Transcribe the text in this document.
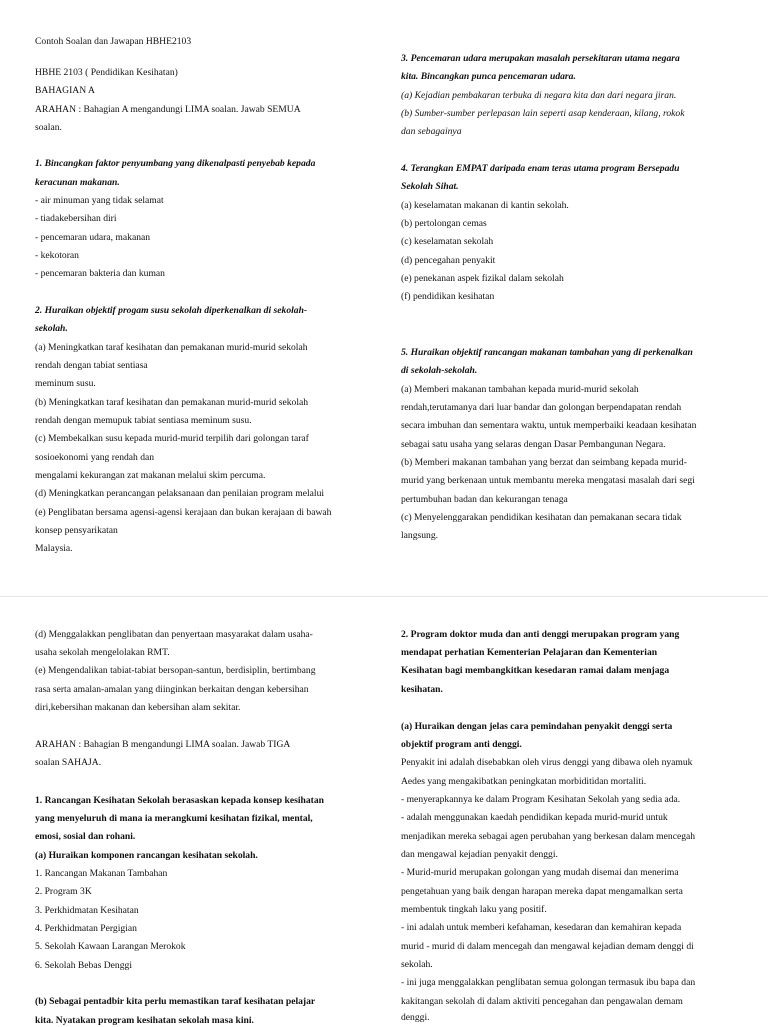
Contoh Soalan dan Jawapan HBHE2103

HBHE 2103 ( Pendidikan Kesihatan)

BAHAGIAN A

ARAHAN : Bahagian A mengandungi LIMA soalan. Jawab SEMUA

soalan.

1. Bincangkan faktor penyumbang yang dikenalpasti penyebab kepada

keracunan makanan.

- air minuman yang tidak selamat

- tiadakebersihan diri

- pencemaran udara, makanan

- kekotoran

- pencemaran bakteria dan kuman

2. Huraikan objektif progam susu sekolah diperkenalkan di sekolah-

sekolah.

(a) Meningkatkan taraf kesihatan dan pemakanan murid-murid sekolah

rendah dengan tabiat sentiasa

meminum susu.

(b) Meningkatkan taraf kesihatan dan pemakanan murid-murid sekolah

rendah dengan memupuk tabiat sentiasa meminum susu.

(c) Membekalkan susu kepada murid-murid terpilih dari golongan taraf

sosioekonomi yang rendah dan

mengalami kekurangan zat makanan melalui skim percuma.

(d) Meningkatkan perancangan pelaksanaan dan penilaian program melalui

(e) Penglibatan bersama agensi-agensi kerajaan dan bukan kerajaan di bawah

konsep pensyarikatan

Malaysia.

3. Pencemaran udara merupakan masalah persekitaran utama negara

kita. Bincangkan punca pencemaran udara.

(a) Kejadian pembakaran terbuka di negara kita dan dari negara jiran.

(b) Sumber-sumber perlepasan lain seperti asap kenderaan, kilang, rokok

dan sebagainya

4. Terangkan EMPAT daripada enam teras utama program Bersepadu

Sekolah Sihat.

(a) keselamatan makanan di kantin sekolah.

(b) pertolongan cemas

(c) keselamatan sekolah

(d) pencegahan penyakit

(e) penekanan aspek fizikal dalam sekolah

(f) pendidikan kesihatan

5. Huraikan objektif rancangan makanan tambahan yang di perkenalkan

di sekolah-sekolah.

(a) Memberi makanan tambahan kepada murid-murid sekolah

rendah,terutamanya dari luar bandar dan golongan berpendapatan rendah

secara imbuhan dan sementara waktu, untuk memperbaiki keadaan kesihatan

sebagai satu usaha yang selaras dengan Dasar Pembangunan Negara.

(b) Memberi makanan tambahan yang berzat dan seimbang kepada murid-

murid yang berkenaan untuk membantu mereka mengatasi masalah dari segi

pertumbuhan badan dan kekurangan tenaga

(c) Menyelenggarakan pendidikan kesihatan dan pemakanan secara tidak

langsung.

(d) Menggalakkan penglibatan dan penyertaan masyarakat dalam usaha-

usaha sekolah mengelolakan RMT.

(e) Mengendalikan tabiat-tabiat bersopan-santun, berdisiplin, bertimbang

rasa serta amalan-amalan yang diinginkan berkaitan dengan kebersihan

diri,kebersihan makanan dan kebersihan alam sekitar.

ARAHAN : Bahagian B mengandungi LIMA soalan. Jawab TIGA

soalan SAHAJA.

1. Rancangan Kesihatan Sekolah berasaskan kepada konsep kesihatan

yang menyeluruh di mana ia merangkumi kesihatan fizikal, mental,

emosi, sosial dan rohani.

(a) Huraikan komponen rancangan kesihatan sekolah.

1. Rancangan Makanan Tambahan

2. Program 3K

3. Perkhidmatan Kesihatan

4. Perkhidmatan Pergigian

5. Sekolah Kawaan Larangan Merokok

6. Sekolah Bebas Denggi

(b) Sebagai pentadbir kita perlu memastikan taraf kesihatan pelajar

kita. Nyatakan program kesihatan sekolah masa kini.

2. Program doktor muda dan anti denggi merupakan program yang

mendapat perhatian Kementerian Pelajaran dan Kementerian

Kesihatan bagi membangkitkan kesedaran ramai dalam menjaga

kesihatan.

(a) Huraikan dengan jelas cara pemindahan penyakit denggi serta

objektif program anti denggi.

Penyakit ini adalah disebabkan oleh virus denggi yang dibawa oleh nyamuk

Aedes yang mengakibatkan peningkatan morbiditidan mortaliti.

- menyerapkannya ke dalam Program Kesihatan Sekolah yang sedia ada.

- adalah menggunakan kaedah pendidikan kepada murid-murid untuk

menjadikan mereka sebagai agen perubahan yang berkesan dalam mencegah

dan mengawal kejadian penyakit denggi.

- Murid-murid merupakan golongan yang mudah disemai dan menerima

pengetahuan yang baik dengan harapan mereka dapat mengamalkan serta

membentuk tingkah laku yang positif.

- ini adalah untuk memberi kefahaman, kesedaran dan kemahiran kepada

murid - murid di dalam mencegah dan mengawal kejadian demam denggi di

sekolah.

- ini juga menggalakkan penglibatan semua golongan termasuk ibu bapa dan

kakitangan sekolah di dalam aktiviti pencegahan dan pengawalan demam

denggi.
